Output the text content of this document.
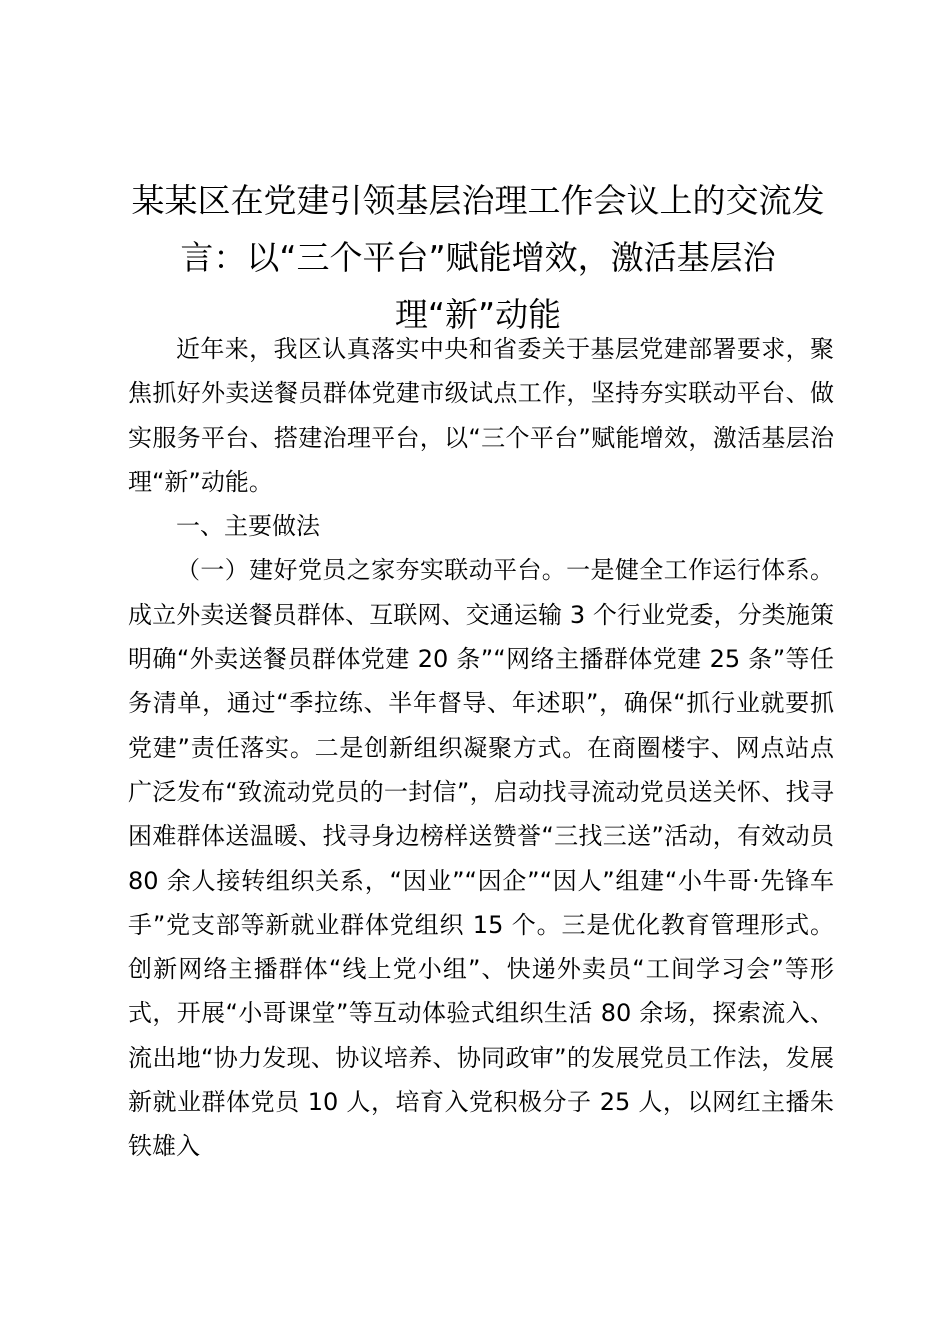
某某区在党建引领基层治理工作会议上的交流发言：以“三个平台”赋能增效，激活基层治理“新”动能

近年来，我区认真落实中央和省委关于基层党建部署要求，聚焦抓好外卖送餐员群体党建市级试点工作，坚持夯实联动平台、做实服务平台、搭建治理平台，以“三个平台”赋能增效，激活基层治理“新”动能。

一、主要做法

（一）建好党员之家夯实联动平台。一是健全工作运行体系。成立外卖送餐员群体、互联网、交通运输 3 个行业党委，分类施策明确“外卖送餐员群体党建 20 条”“网络主播群体党建 25 条”等任务清单，通过“季拉练、半年督导、年述职”，确保“抓行业就要抓党建”责任落实。二是创新组织凝聚方式。在商圈楼宇、网点站点广泛发布“致流动党员的一封信”，启动找寻流动党员送关怀、找寻困难群体送温暖、找寻身边榜样送赞誉“三找三送”活动，有效动员 80 余人接转组织关系，“因业”“因企”“因人”组建“小牛哥·先锋车手”党支部等新就业群体党组织 15 个。三是优化教育管理形式。创新网络主播群体“线上党小组”、快递外卖员“工间学习会”等形式，开展“小哥课堂”等互动体验式组织生活 80 余场，探索流入、流出地“协力发现、协议培养、协同政审”的发展党员工作法，发展新就业群体党员 10 人，培育入党积极分子 25 人，以网红主播朱铁雄入
